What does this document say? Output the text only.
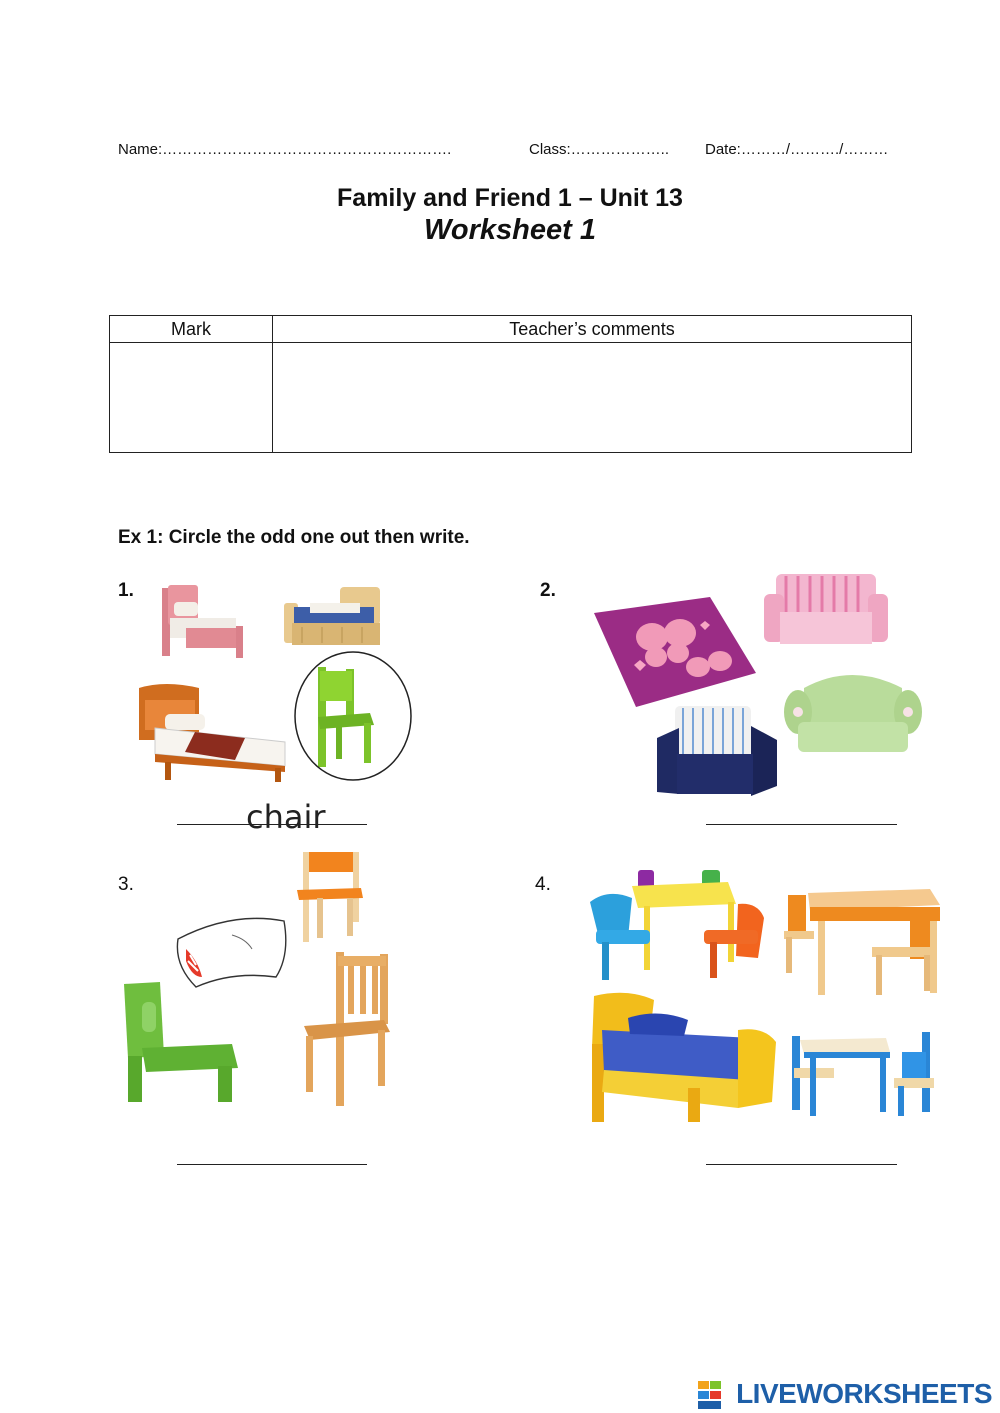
Name:………………………………………………….	Class:……………….. Date:………/………./………
Family and Friend 1 – Unit 13
Worksheet 1
Mark	Teacher’s comments

Ex 1: Circle the odd one out then write.
1.	2.
3.	4.
chair
LIVEWORKSHEETS
